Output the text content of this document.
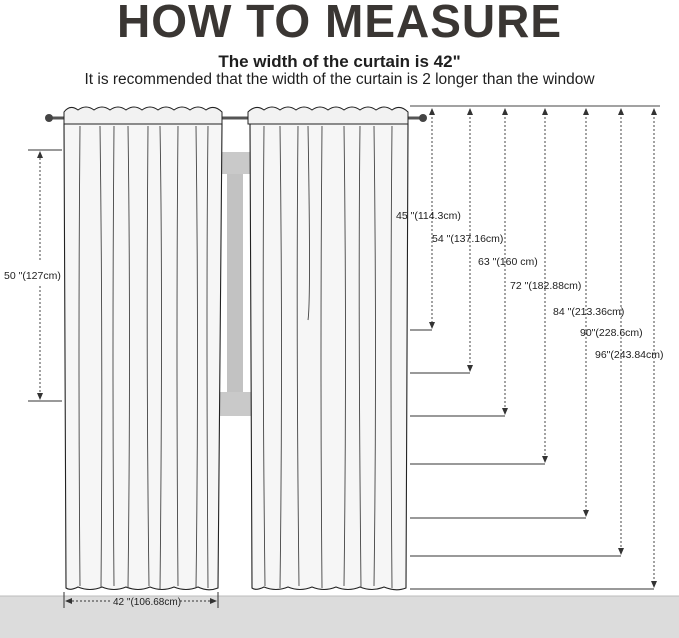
HOW TO MEASURE
The width of the curtain is 42"
It is recommended that the width of the curtain is 2 longer than the window
50 "(127cm)
42 "(106.68cm)
45 "(114.3cm)
54 "(137.16cm)
63 "(160 cm)
72 "(182.88cm)
84 "(213.36cm)
90"(228.6cm)
96"(243.84cm)
